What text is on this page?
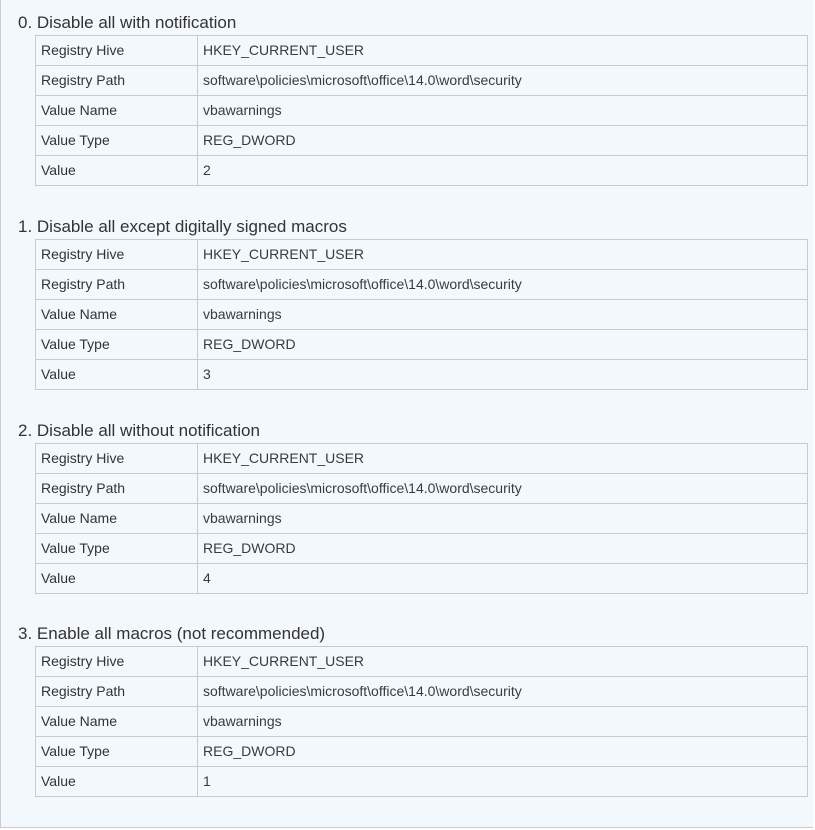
0. Disable all with notification
Registry Hive	HKEY_CURRENT_USER
Registry Path	software\policies\microsoft\office\14.0\word\security
Value Name	vbawarnings
Value Type	REG_DWORD
Value	2
1. Disable all except digitally signed macros
Registry Hive	HKEY_CURRENT_USER
Registry Path	software\policies\microsoft\office\14.0\word\security
Value Name	vbawarnings
Value Type	REG_DWORD
Value	3
2. Disable all without notification
Registry Hive	HKEY_CURRENT_USER
Registry Path	software\policies\microsoft\office\14.0\word\security
Value Name	vbawarnings
Value Type	REG_DWORD
Value	4
3. Enable all macros (not recommended)
Registry Hive	HKEY_CURRENT_USER
Registry Path	software\policies\microsoft\office\14.0\word\security
Value Name	vbawarnings
Value Type	REG_DWORD
Value	1
